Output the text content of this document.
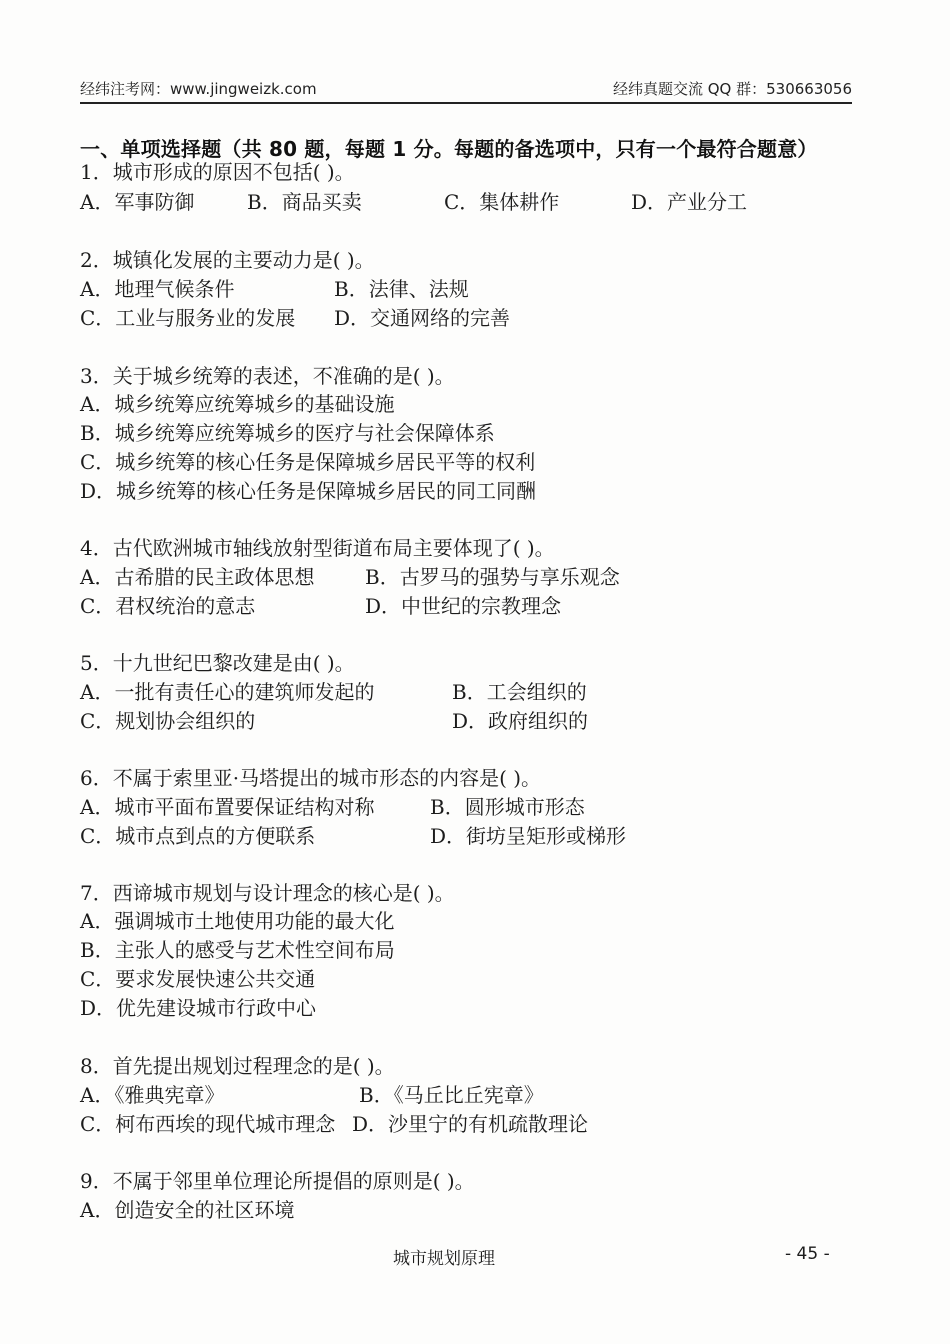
经纬注考网：www.jingweizk.com	经纬真题交流 QQ 群：530663056
一、单项选择题（共 80 题，每题 1 分。每题的备选项中，只有一个最符合题意）
1．城市形成的原因不包括( )。
A．军事防御	B．商品买卖	C．集体耕作	D．产业分工
2．城镇化发展的主要动力是( )。
A．地理气候条件	B．法律、法规
C．工业与服务业的发展 D．交通网络的完善
3．关于城乡统筹的表述，不准确的是( )。
A．城乡统筹应统筹城乡的基础设施
B．城乡统筹应统筹城乡的医疗与社会保障体系
C．城乡统筹的核心任务是保障城乡居民平等的权利
D．城乡统筹的核心任务是保障城乡居民的同工同酬
4．古代欧洲城市轴线放射型街道布局主要体现了( )。
A．古希腊的民主政体思想	B．古罗马的强势与享乐观念
C．君权统治的意志	D．中世纪的宗教理念
5．十九世纪巴黎改建是由( )。
A．一批有责任心的建筑师发起的	B．工会组织的
C．规划协会组织的	D．政府组织的
6．不属于索里亚·马塔提出的城市形态的内容是( )。
A．城市平面布置要保证结构对称	B．圆形城市形态
C．城市点到点的方便联系	D．街坊呈矩形或梯形
7．西谛城市规划与设计理念的核心是( )。
A．强调城市土地使用功能的最大化
B．主张人的感受与艺术性空间布局
C．要求发展快速公共交通
D．优先建设城市行政中心
8．首先提出规划过程理念的是( )。
A．《雅典宪章》	B．《马丘比丘宪章》
C．柯布西埃的现代城市理念 D．沙里宁的有机疏散理论
9．不属于邻里单位理论所提倡的原则是( )。
A．创造安全的社区环境
城市规划原理	- 45 -
